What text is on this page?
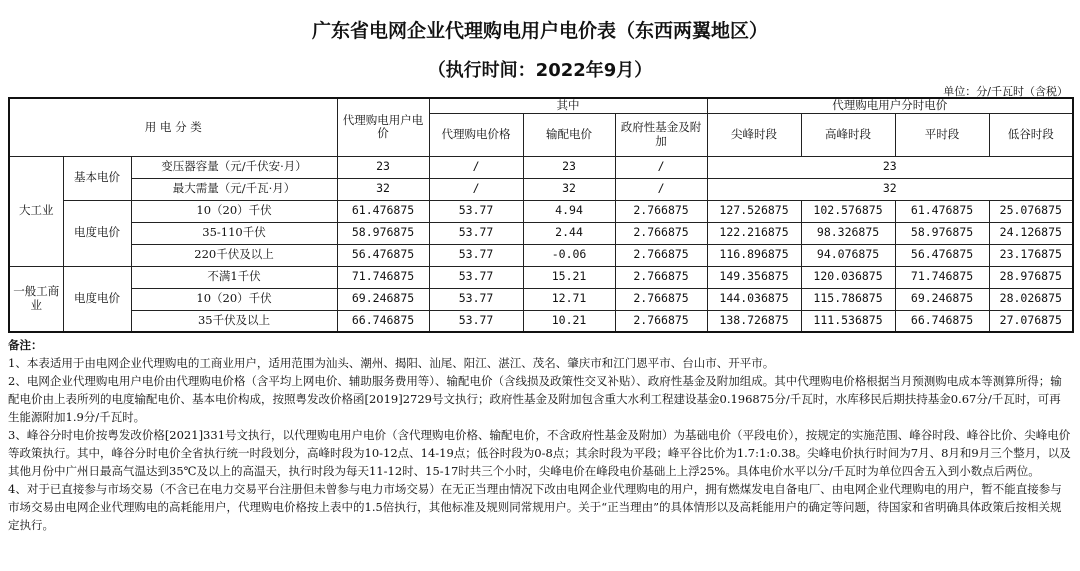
广东省电网企业代理购电用户电价表（东西两翼地区）
（执行时间：2022年9月）
单位：分/千瓦时（含税）
用 电 分 类			代理购电用户电价	其中			代理购电用户分时电价			
				代理购电价格	输配电价	政府性基金及附加	尖峰时段	高峰时段	平时段	低谷时段
大工业	基本电价	变压器容量（元/千伏安·月）	23	/	23	/	23			
		最大需量（元/千瓦·月）	32	/	32	/	32			
	电度电价	10（20）千伏	61.476875	53.77	4.94	2.766875	127.526875	102.576875	61.476875	25.076875
		35-110千伏	58.976875	53.77	2.44	2.766875	122.216875	98.326875	58.976875	24.126875
		220千伏及以上	56.476875	53.77	-0.06	2.766875	116.896875	94.076875	56.476875	23.176875
一般工商业	电度电价	不满1千伏	71.746875	53.77	15.21	2.766875	149.356875	120.036875	71.746875	28.976875
		10（20）千伏	69.246875	53.77	12.71	2.766875	144.036875	115.786875	69.246875	28.026875
		35千伏及以上	66.746875	53.77	10.21	2.766875	138.726875	111.536875	66.746875	27.076875

备注：

1、本表适用于由电网企业代理购电的工商业用户，适用范围为汕头、潮州、揭阳、汕尾、阳江、湛江、茂名、肇庆市和江门恩平市、台山市、开平市。

2、电网企业代理购电用户电价由代理购电价格（含平均上网电价、辅助服务费用等）、输配电价（含线损及政策性交叉补贴）、政府性基金及附加组成。其中代理购电价格根据当月预测购电成本等测算所得；输配电价由上表所列的电度输配电价、基本电价构成，按照粤发改价格函[2019]2729号文执行；政府性基金及附加包含重大水利工程建设基金0.196875分/千瓦时，水库移民后期扶持基金0.67分/千瓦时，可再生能源附加1.9分/千瓦时。

3、峰谷分时电价按粤发改价格[2021]331号文执行，以代理购电用户电价（含代理购电价格、输配电价，不含政府性基金及附加）为基础电价（平段电价），按规定的实施范围、峰谷时段、峰谷比价、尖峰电价等政策执行。其中，峰谷分时电价全省执行统一时段划分，高峰时段为10-12点、14-19点；低谷时段为0-8点；其余时段为平段；峰平谷比价为1.7:1:0.38。尖峰电价执行时间为7月、8月和9月三个整月，以及其他月份中广州日最高气温达到35℃及以上的高温天，执行时段为每天11-12时、15-17时共三个小时，尖峰电价在峰段电价基础上上浮25%。具体电价水平以分/千瓦时为单位四舍五入到小数点后两位。

4、对于已直接参与市场交易（不含已在电力交易平台注册但未曾参与电力市场交易）在无正当理由情况下改由电网企业代理购电的用户，拥有燃煤发电自备电厂、由电网企业代理购电的用户，暂不能直接参与市场交易由电网企业代理购电的高耗能用户，代理购电价格按上表中的1.5倍执行，其他标准及规则同常规用户。关于“正当理由”的具体情形以及高耗能用户的确定等问题，待国家和省明确具体政策后按相关规定执行。
